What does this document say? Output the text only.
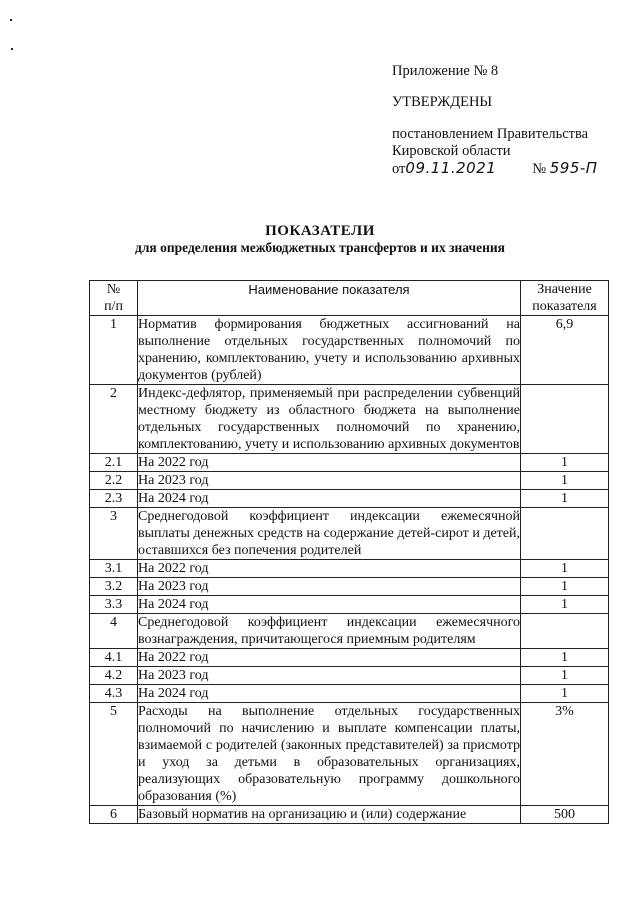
Приложение № 8
УТВЕРЖДЕНЫ
постановлением Правительства
Кировской области
от09.11.2021 № 595-П
ПОКАЗАТЕЛИ
для определения межбюджетных трансфертов и их значения
№
п/п	Наименование показателя	Значение
показателя
1	Норматив формирования бюджетных ассигнований на выполнение отдельных государственных полномочий по хранению, комплектованию, учету и использованию архивных документов (рублей)	6,9
2	Индекс-дефлятор, применяемый при распределении субвенций местному бюджету из областного бюджета на выполнение отдельных государственных полномочий по хранению, комплектованию, учету и использованию архивных документов	
2.1	На 2022 год	1
2.2	На 2023 год	1
2.3	На 2024 год	1
3	Среднегодовой коэффициент индексации ежемесячной выплаты денежных средств на содержание детей-сирот и детей, оставшихся без попечения родителей	
3.1	На 2022 год	1
3.2	На 2023 год	1
3.3	На 2024 год	1
4	Среднегодовой коэффициент индексации ежемесячного вознаграждения, причитающегося приемным родителям	
4.1	На 2022 год	1
4.2	На 2023 год	1
4.3	На 2024 год	1
5	Расходы на выполнение отдельных государственных полномочий по начислению и выплате компенсации платы, взимаемой с родителей (законных представителей) за присмотр и уход за детьми в образовательных организациях, реализующих образовательную программу дошкольного образования (%)	3%
6	Базовый норматив на организацию и (или) содержание	500
